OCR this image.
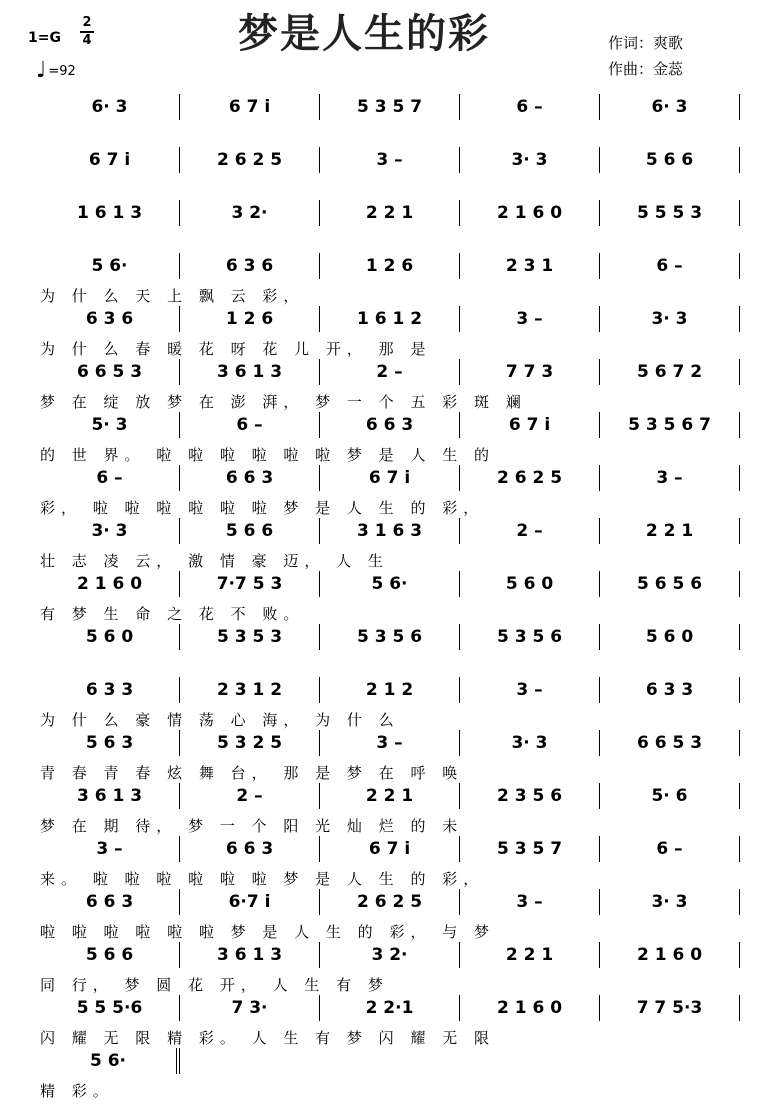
1=G
2
4
♩ =92
梦是人生的彩	作词：爽歌
作曲：金蕊
6· 3	6 7 i	5 3 5 7	6 –	6· 3
6 7 i	2 6 2 5	3 –	3· 3	5 6 6
1 6 1 3	3 2·	2 2 1	2 1 6 0	5 5 5 3
5 6·	6 3 6	1 2 6	2 3 1	6 –
为 什 么 天 上 飘 云 彩，
6 3 6	1 2 6	1 6 1 2	3 –	3· 3
为 什 么 春 暖 花 呀 花 儿 开， 那 是
6 6 5 3	3 6 1 3	2 –	7 7 3	5 6 7 2
梦 在 绽 放 梦 在 澎 湃， 梦 一 个 五 彩 斑 斓
5· 3	6 –	6 6 3	6 7 i	5 3 5 6 7
的 世 界。 啦 啦 啦 啦 啦 啦 梦 是 人 生 的
6 –	6 6 3	6 7 i	2 6 2 5	3 –
彩， 啦 啦 啦 啦 啦 啦 梦 是 人 生 的 彩，
3· 3	5 6 6	3 1 6 3	2 –	2 2 1
壮 志 凌 云， 激 情 豪 迈， 人 生
2 1 6 0	7·7 5 3	5 6·	5 6 0	5 6 5 6
有 梦 生 命 之 花 不 败。
5 6 0	5 3 5 3	5 3 5 6	5 3 5 6	5 6 0
6 3 3	2 3 1 2	2 1 2	3 –	6 3 3
为 什 么 豪 情 荡 心 海， 为 什 么
5 6 3	5 3 2 5	3 –	3· 3	6 6 5 3
青 春 青 春 炫 舞 台， 那 是 梦 在 呼 唤
3 6 1 3	2 –	2 2 1	2 3 5 6	5· 6
梦 在 期 待， 梦 一 个 阳 光 灿 烂 的 未
3 –	6 6 3	6 7 i	5 3 5 7	6 –
来。 啦 啦 啦 啦 啦 啦 梦 是 人 生 的 彩，
6 6 3	6·7 i	2 6 2 5	3 –	3· 3
啦 啦 啦 啦 啦 啦 梦 是 人 生 的 彩， 与 梦
5 6 6	3 6 1 3	3 2·	2 2 1	2 1 6 0
同 行， 梦 圆 花 开， 人 生 有 梦
5 5 5·6	7 3·	2 2·1	2 1 6 0	7 7 5·3
闪 耀 无 限 精 彩。 人 生 有 梦 闪 耀 无 限
5 6·
精 彩。
